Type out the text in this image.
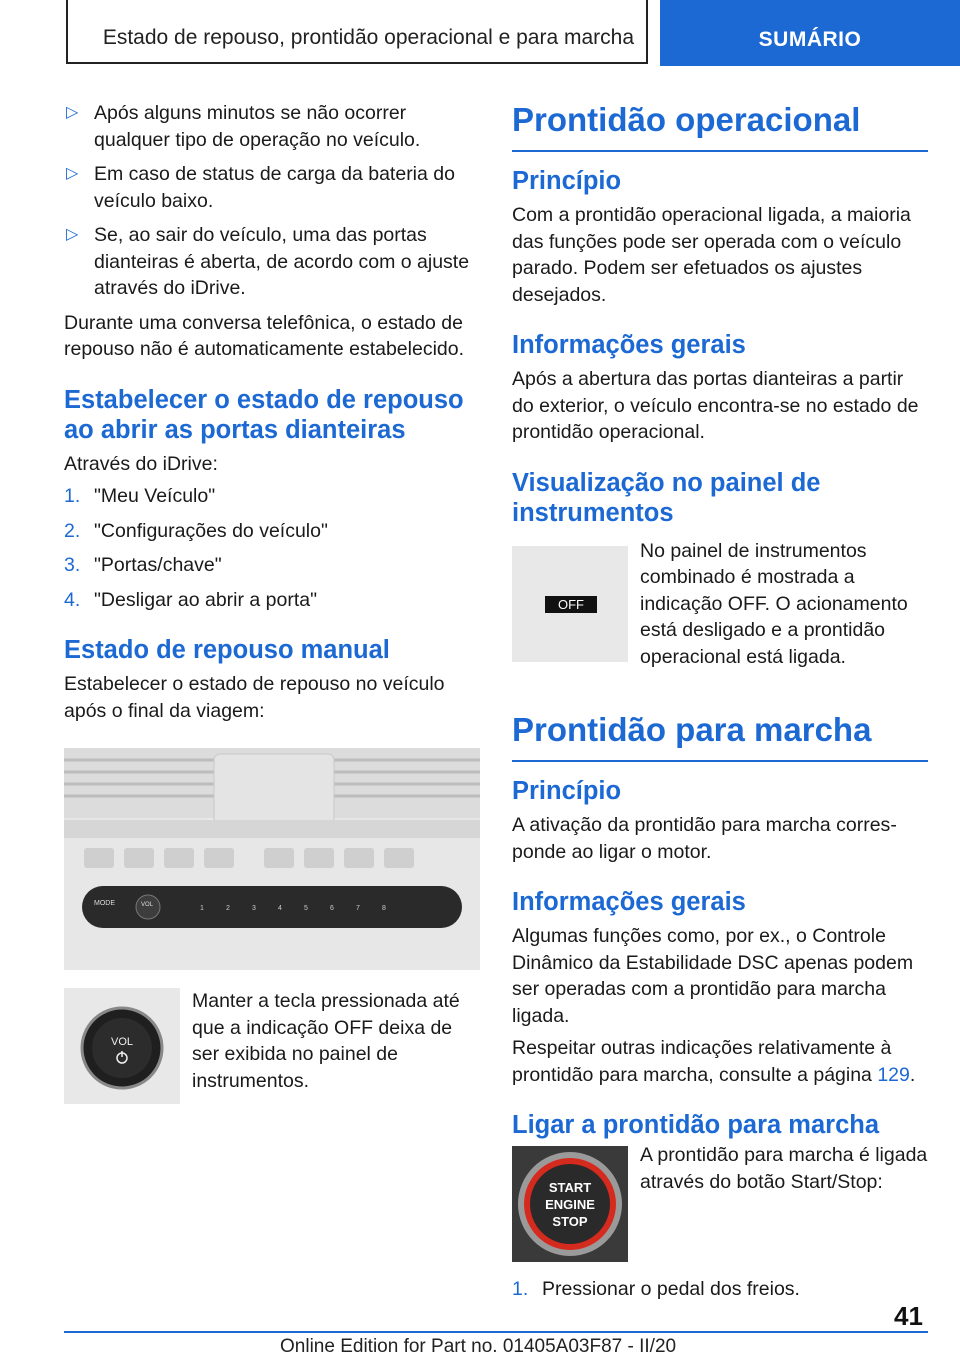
Estado de repouso, prontidão operacional e para marcha	SUMÁRIO
▷ Após alguns minutos se não ocorrer qualquer tipo de operação no veículo.
▷ Em caso de status de carga da bateria do veículo baixo.
▷ Se, ao sair do veículo, uma das portas dianteiras é aberta, de acordo com o ajuste através do iDrive.

Durante uma conversa telefônica, o estado de repouso não é automaticamente estabelecido.

Estabelecer o estado de repouso ao abrir as portas dianteiras

Através do iDrive:

1. "Meu Veículo"
2. "Configurações do veículo"
3. "Portas/chave"
4. "Desligar ao abrir a porta"
Estado de repouso manual

Estabelecer o estado de repouso no veículo após o final da viagem:

MODE	VOL	1	2	3	4	5	6	7	8
VOL

Manter a tecla pressionada até que a indicação OFF deixa de ser exibida no painel de instrumentos.

Prontidão operacional
Princípio

Com a prontidão operacional ligada, a maioria das funções pode ser operada com o veículo parado. Podem ser efetuados os ajustes desejados.

Informações gerais

Após a abertura das portas dianteiras a partir do exterior, o veículo encontra-se no estado de prontidão operacional.

Visualização no painel de instrumentos
OFF

No painel de instrumentos combinado é mostrada a indicação OFF. O acionamento está desligado e a prontidão operacional está ligada.

Prontidão para marcha
Princípio

A ativação da prontidão para marcha corresponde ao ligar o motor.

Informações gerais

Algumas funções como, por ex., o Controle Dinâmico da Estabilidade DSC apenas podem ser operadas com a prontidão para marcha ligada.

Respeitar outras indicações relativamente à prontidão para marcha, consulte a página 129.

Ligar a prontidão para marcha
START
ENGINE
STOP

A prontidão para marcha é ligada através do botão Start/Stop:

1. Pressionar o pedal dos freios.
41
Online Edition for Part no. 01405A03F87 - II/20
